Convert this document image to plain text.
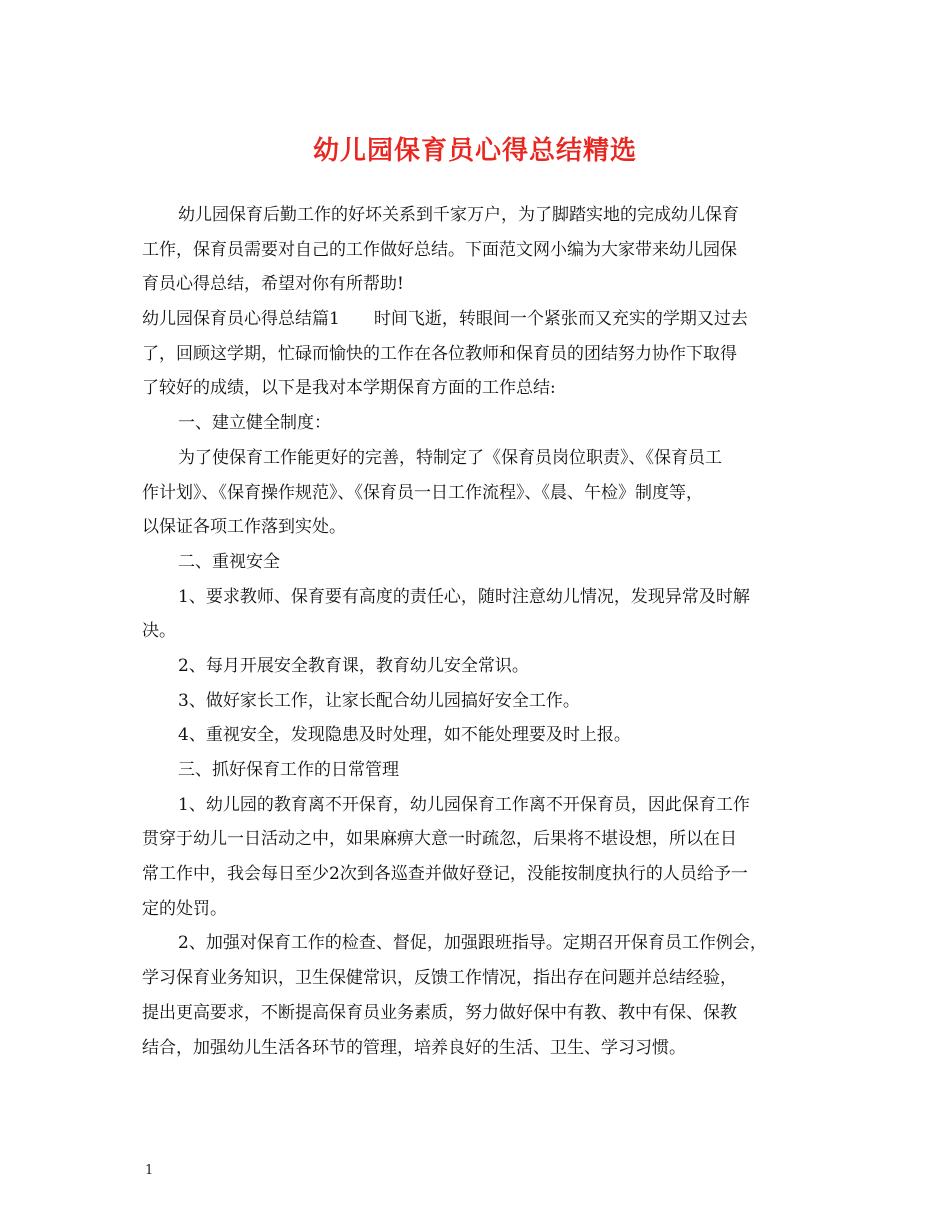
幼儿园保育员心得总结精选
幼儿园保育后勤工作的好坏关系到千家万户，为了脚踏实地的完成幼儿保育
工作，保育员需要对自己的工作做好总结。下面范文网小编为大家带来幼儿园保
育员心得总结，希望对你有所帮助!
幼儿园保育员心得总结篇1　　时间飞逝，转眼间一个紧张而又充实的学期又过去
了，回顾这学期，忙碌而愉快的工作在各位教师和保育员的团结努力协作下取得
了较好的成绩，以下是我对本学期保育方面的工作总结:
一、建立健全制度：
为了使保育工作能更好的完善，特制定了《保育员岗位职责》、《保育员工
作计划》、《保育操作规范》、《保育员一日工作流程》、《晨、午检》制度等，
以保证各项工作落到实处。
二、重视安全
1、要求教师、保育要有高度的责任心，随时注意幼儿情况，发现异常及时解
决。
2、每月开展安全教育课，教育幼儿安全常识。
3、做好家长工作，让家长配合幼儿园搞好安全工作。
4、重视安全，发现隐患及时处理，如不能处理要及时上报。
三、抓好保育工作的日常管理
1、幼儿园的教育离不开保育，幼儿园保育工作离不开保育员，因此保育工作
贯穿于幼儿一日活动之中，如果麻痹大意一时疏忽，后果将不堪设想，所以在日
常工作中，我会每日至少2次到各巡查并做好登记，没能按制度执行的人员给予一
定的处罚。
2、加强对保育工作的检查、督促，加强跟班指导。定期召开保育员工作例会，
学习保育业务知识，卫生保健常识，反馈工作情况，指出存在问题并总结经验，
提出更高要求，不断提高保育员业务素质，努力做好保中有教、教中有保、保教
结合，加强幼儿生活各环节的管理，培养良好的生活、卫生、学习习惯。
1
